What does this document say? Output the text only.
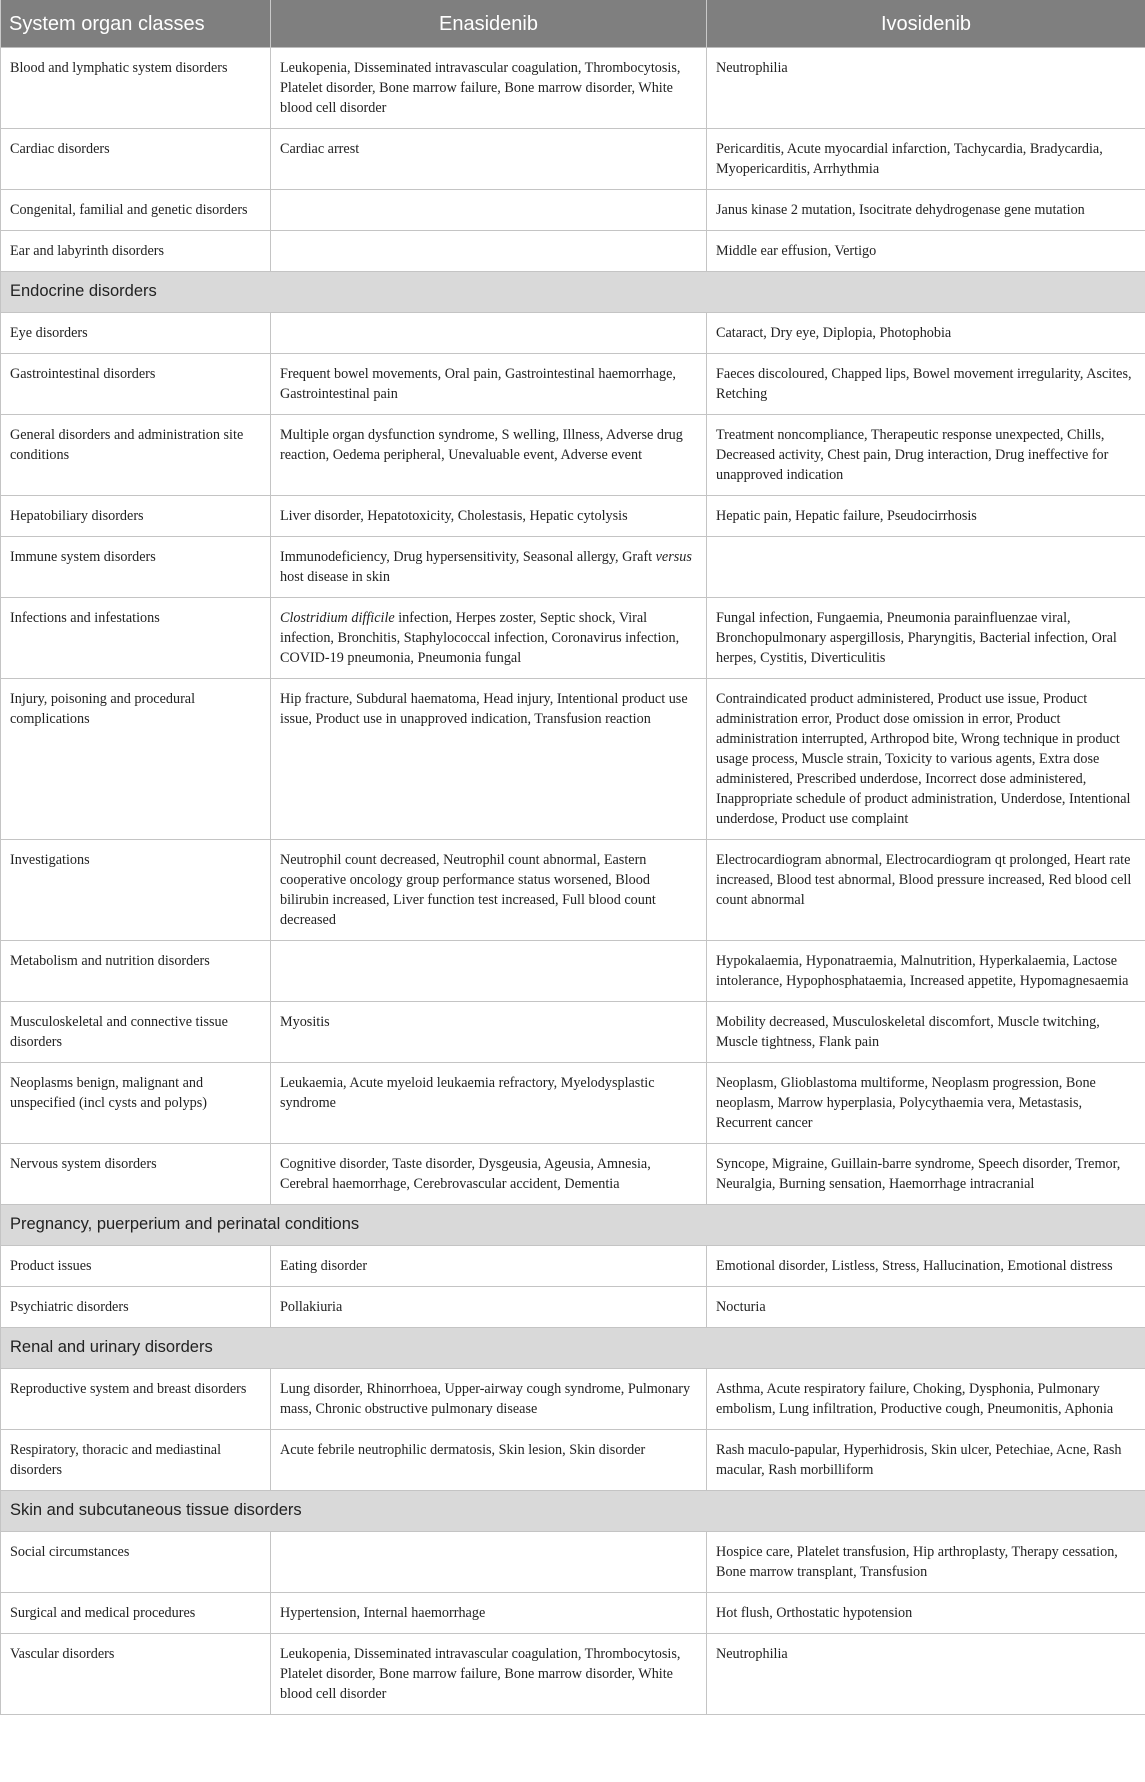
System organ classes	Enasidenib	Ivosidenib
Blood and lymphatic system disorders	Leukopenia, Disseminated intravascular coagulation, Thrombocytosis, Platelet disorder, Bone marrow failure, Bone marrow disorder, White blood cell disorder	Neutrophilia
Cardiac disorders	Cardiac arrest	Pericarditis, Acute myocardial infarction, Tachycardia, Bradycardia, Myopericarditis, Arrhythmia
Congenital, familial and genetic disorders		Janus kinase 2 mutation, Isocitrate dehydrogenase gene mutation
Ear and labyrinth disorders		Middle ear effusion, Vertigo
Endocrine disorders		
Eye disorders		Cataract, Dry eye, Diplopia, Photophobia
Gastrointestinal disorders	Frequent bowel movements, Oral pain, Gastrointestinal haemorrhage, Gastrointestinal pain	Faeces discoloured, Chapped lips, Bowel movement irregularity, Ascites, Retching
General disorders and administration site conditions	Multiple organ dysfunction syndrome, S welling, Illness, Adverse drug reaction, Oedema peripheral, Unevaluable event, Adverse event	Treatment noncompliance, Therapeutic response unexpected, Chills, Decreased activity, Chest pain, Drug interaction, Drug ineffective for unapproved indication
Hepatobiliary disorders	Liver disorder, Hepatotoxicity, Cholestasis, Hepatic cytolysis	Hepatic pain, Hepatic failure, Pseudocirrhosis
Immune system disorders	Immunodeficiency, Drug hypersensitivity, Seasonal allergy, Graft versus host disease in skin	
Infections and infestations	Clostridium difficile infection, Herpes zoster, Septic shock, Viral infection, Bronchitis, Staphylococcal infection, Coronavirus infection, COVID-19 pneumonia, Pneumonia fungal	Fungal infection, Fungaemia, Pneumonia parainfluenzae viral, Bronchopulmonary aspergillosis, Pharyngitis, Bacterial infection, Oral herpes, Cystitis, Diverticulitis
Injury, poisoning and procedural complications	Hip fracture, Subdural haematoma, Head injury, Intentional product use issue, Product use in unapproved indication, Transfusion reaction	Contraindicated product administered, Product use issue, Product administration error, Product dose omission in error, Product administration interrupted, Arthropod bite, Wrong technique in product usage process, Muscle strain, Toxicity to various agents, Extra dose administered, Prescribed underdose, Incorrect dose administered, Inappropriate schedule of product administration, Underdose, Intentional underdose, Product use complaint
Investigations	Neutrophil count decreased, Neutrophil count abnormal, Eastern cooperative oncology group performance status worsened, Blood bilirubin increased, Liver function test increased, Full blood count decreased	Electrocardiogram abnormal, Electrocardiogram qt prolonged, Heart rate increased, Blood test abnormal, Blood pressure increased, Red blood cell count abnormal
Metabolism and nutrition disorders		Hypokalaemia, Hyponatraemia, Malnutrition, Hyperkalaemia, Lactose intolerance, Hypophosphataemia, Increased appetite, Hypomagnesaemia
Musculoskeletal and connective tissue disorders	Myositis	Mobility decreased, Musculoskeletal discomfort, Muscle twitching, Muscle tightness, Flank pain
Neoplasms benign, malignant and unspecified (incl cysts and polyps)	Leukaemia, Acute myeloid leukaemia refractory, Myelodysplastic syndrome	Neoplasm, Glioblastoma multiforme, Neoplasm progression, Bone neoplasm, Marrow hyperplasia, Polycythaemia vera, Metastasis, Recurrent cancer
Nervous system disorders	Cognitive disorder, Taste disorder, Dysgeusia, Ageusia, Amnesia, Cerebral haemorrhage, Cerebrovascular accident, Dementia	Syncope, Migraine, Guillain-barre syndrome, Speech disorder, Tremor, Neuralgia, Burning sensation, Haemorrhage intracranial
Pregnancy, puerperium and perinatal conditions		
Product issues	Eating disorder	Emotional disorder, Listless, Stress, Hallucination, Emotional distress
Psychiatric disorders	Pollakiuria	Nocturia
Renal and urinary disorders		
Reproductive system and breast disorders	Lung disorder, Rhinorrhoea, Upper-airway cough syndrome, Pulmonary mass, Chronic obstructive pulmonary disease	Asthma, Acute respiratory failure, Choking, Dysphonia, Pulmonary embolism, Lung infiltration, Productive cough, Pneumonitis, Aphonia
Respiratory, thoracic and mediastinal disorders	Acute febrile neutrophilic dermatosis, Skin lesion, Skin disorder	Rash maculo-papular, Hyperhidrosis, Skin ulcer, Petechiae, Acne, Rash macular, Rash morbilliform
Skin and subcutaneous tissue disorders		
Social circumstances		Hospice care, Platelet transfusion, Hip arthroplasty, Therapy cessation, Bone marrow transplant, Transfusion
Surgical and medical procedures	Hypertension, Internal haemorrhage	Hot flush, Orthostatic hypotension
Vascular disorders	Leukopenia, Disseminated intravascular coagulation, Thrombocytosis, Platelet disorder, Bone marrow failure, Bone marrow disorder, White blood cell disorder	Neutrophilia
